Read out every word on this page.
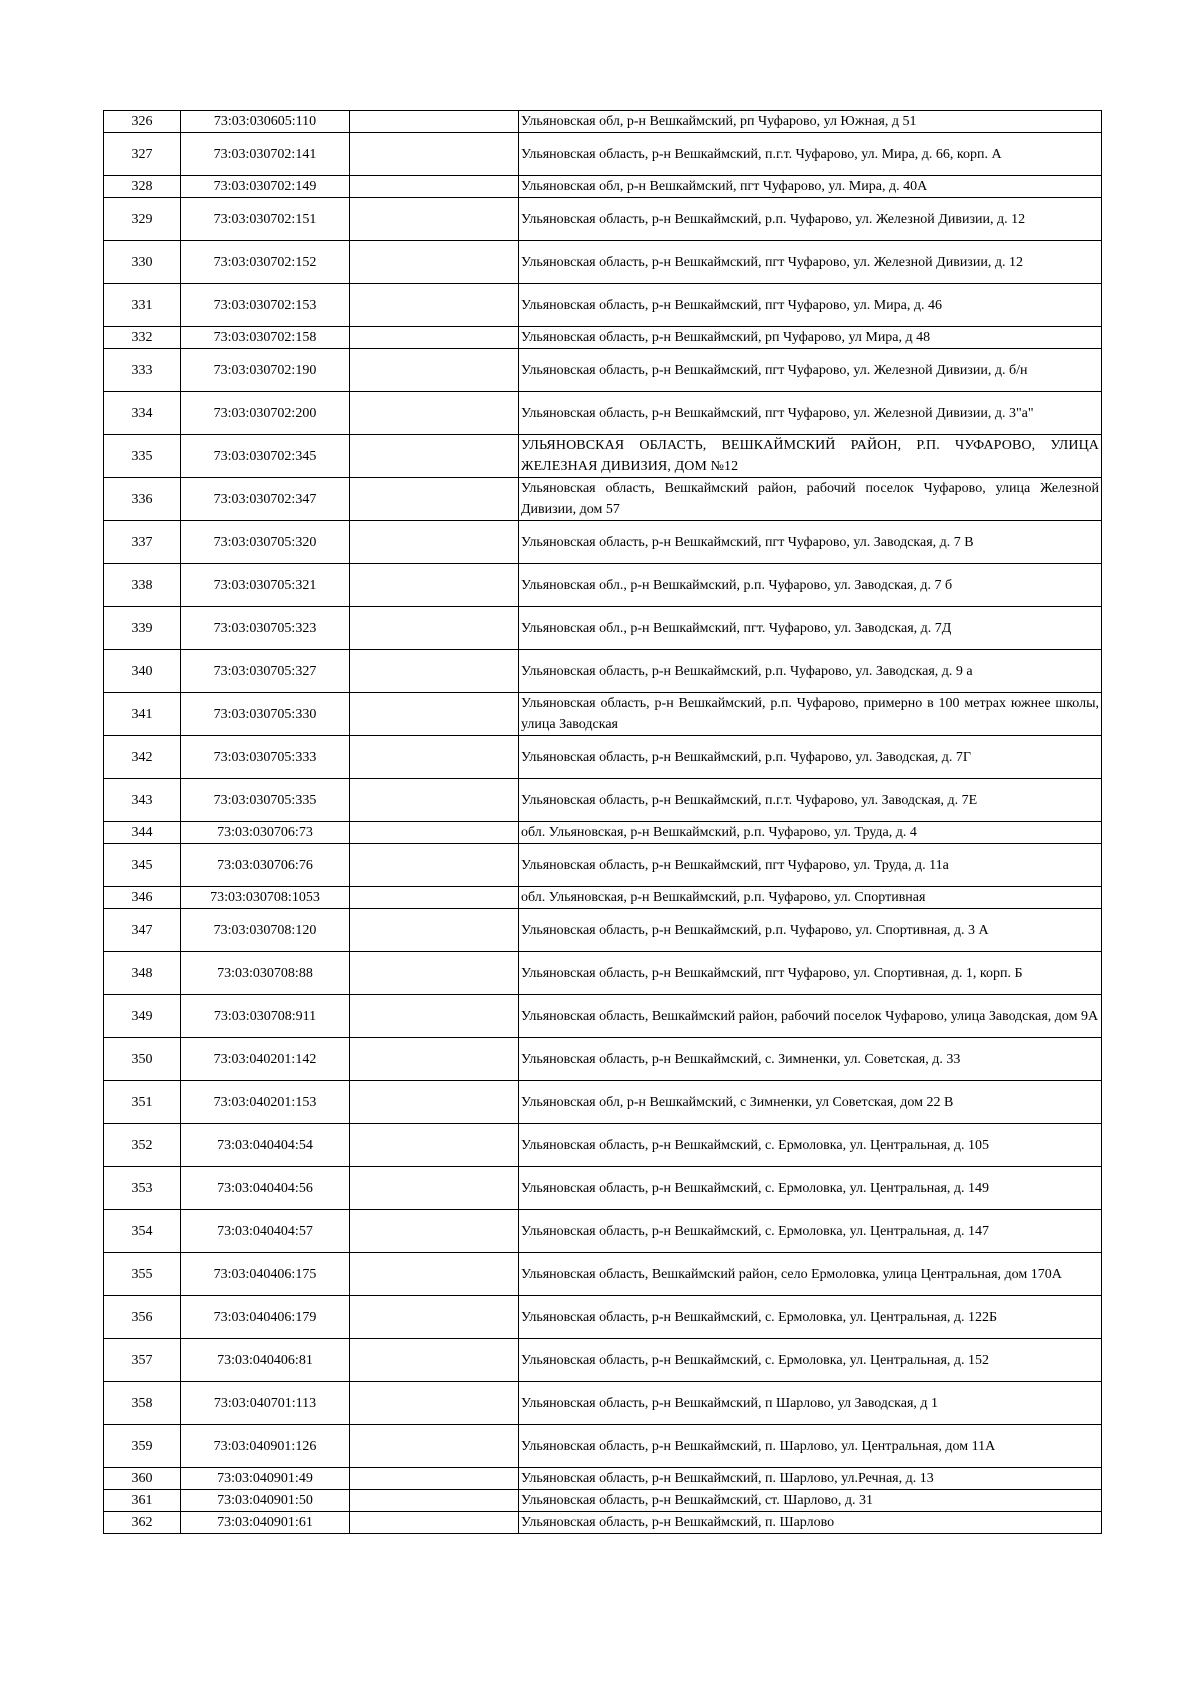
326	73:03:030605:110		Ульяновская обл, р-н Вешкаймский, рп Чуфарово, ул Южная, д 51
327	73:03:030702:141		Ульяновская область, р-н Вешкаймский, п.г.т. Чуфарово, ул. Мира, д. 66, корп. А
328	73:03:030702:149		Ульяновская обл, р-н Вешкаймский, пгт Чуфарово, ул. Мира, д. 40А
329	73:03:030702:151		Ульяновская область, р-н Вешкаймский, р.п. Чуфарово, ул. Железной Дивизии, д. 12
330	73:03:030702:152		Ульяновская область, р-н Вешкаймский, пгт Чуфарово, ул. Железной Дивизии, д. 12
331	73:03:030702:153		Ульяновская область, р-н Вешкаймский, пгт Чуфарово, ул. Мира, д. 46
332	73:03:030702:158		Ульяновская область, р-н Вешкаймский, рп Чуфарово, ул Мира, д 48
333	73:03:030702:190		Ульяновская область, р-н Вешкаймский, пгт Чуфарово, ул. Железной Дивизии, д. б/н
334	73:03:030702:200		Ульяновская область, р-н Вешкаймский, пгт Чуфарово, ул. Железной Дивизии, д. 3"а"
335	73:03:030702:345		УЛЬЯНОВСКАЯ ОБЛАСТЬ, ВЕШКАЙМСКИЙ РАЙОН, Р.П. ЧУФАРОВО, УЛИЦА ЖЕЛЕЗНАЯ ДИВИЗИЯ, ДОМ №12
336	73:03:030702:347		Ульяновская область, Вешкаймский район, рабочий поселок Чуфарово, улица Железной Дивизии, дом 57
337	73:03:030705:320		Ульяновская область, р-н Вешкаймский, пгт Чуфарово, ул. Заводская, д. 7 В
338	73:03:030705:321		Ульяновская обл., р-н Вешкаймский, р.п. Чуфарово, ул. Заводская, д. 7 б
339	73:03:030705:323		Ульяновская обл., р-н Вешкаймский, пгт. Чуфарово, ул. Заводская, д. 7Д
340	73:03:030705:327		Ульяновская область, р-н Вешкаймский, р.п. Чуфарово, ул. Заводская, д. 9 а
341	73:03:030705:330		Ульяновская область, р-н Вешкаймский, р.п. Чуфарово, примерно в 100 метрах южнее школы, улица Заводская
342	73:03:030705:333		Ульяновская область, р-н Вешкаймский, р.п. Чуфарово, ул. Заводская, д. 7Г
343	73:03:030705:335		Ульяновская область, р-н Вешкаймский, п.г.т. Чуфарово, ул. Заводская, д. 7Е
344	73:03:030706:73		обл. Ульяновская, р-н Вешкаймский, р.п. Чуфарово, ул. Труда, д. 4
345	73:03:030706:76		Ульяновская область, р-н Вешкаймский, пгт Чуфарово, ул. Труда, д. 11а
346	73:03:030708:1053		обл. Ульяновская, р-н Вешкаймский, р.п. Чуфарово, ул. Спортивная
347	73:03:030708:120		Ульяновская область, р-н Вешкаймский, р.п. Чуфарово, ул. Спортивная, д. 3 А
348	73:03:030708:88		Ульяновская область, р-н Вешкаймский, пгт Чуфарово, ул. Спортивная, д. 1, корп. Б
349	73:03:030708:911		Ульяновская область, Вешкаймский район, рабочий поселок Чуфарово, улица Заводская, дом 9А
350	73:03:040201:142		Ульяновская область, р-н Вешкаймский, с. Зимненки, ул. Советская, д. 33
351	73:03:040201:153		Ульяновская обл, р-н Вешкаймский, с Зимненки, ул Советская, дом 22 В
352	73:03:040404:54		Ульяновская область, р-н Вешкаймский, с. Ермоловка, ул. Центральная, д. 105
353	73:03:040404:56		Ульяновская область, р-н Вешкаймский, с. Ермоловка, ул. Центральная, д. 149
354	73:03:040404:57		Ульяновская область, р-н Вешкаймский, с. Ермоловка, ул. Центральная, д. 147
355	73:03:040406:175		Ульяновская область, Вешкаймский район, село Ермоловка, улица Центральная, дом 170А
356	73:03:040406:179		Ульяновская область, р-н Вешкаймский, с. Ермоловка, ул. Центральная, д. 122Б
357	73:03:040406:81		Ульяновская область, р-н Вешкаймский, с. Ермоловка, ул. Центральная, д. 152
358	73:03:040701:113		Ульяновская область, р-н Вешкаймский, п Шарлово, ул Заводская, д 1
359	73:03:040901:126		Ульяновская область, р-н Вешкаймский, п. Шарлово, ул. Центральная, дом 11А
360	73:03:040901:49		Ульяновская область, р-н Вешкаймский, п. Шарлово, ул.Речная, д. 13
361	73:03:040901:50		Ульяновская область, р-н Вешкаймский, ст. Шарлово, д. 31
362	73:03:040901:61		Ульяновская область, р-н Вешкаймский, п. Шарлово
